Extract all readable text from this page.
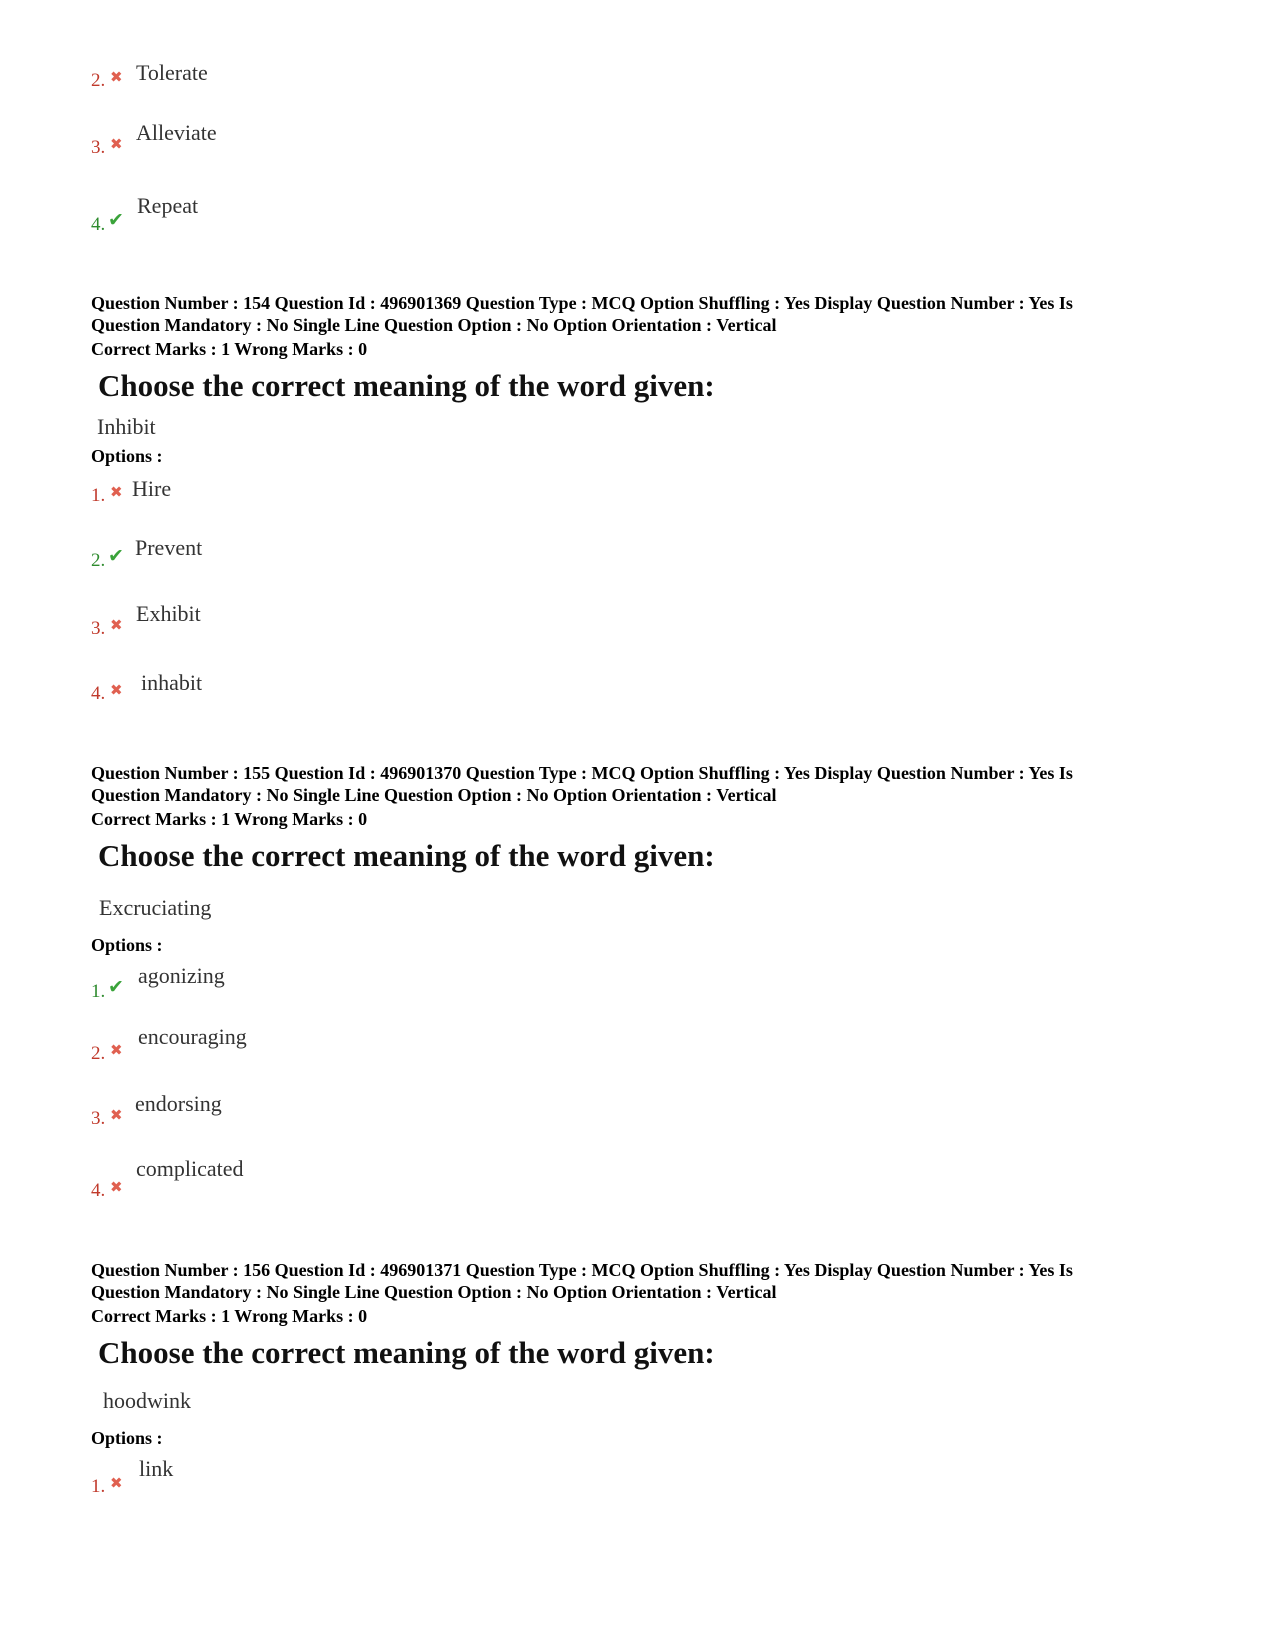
2. ✖ Tolerate
3. ✖ Alleviate
4. ✔
Repeat
Question Number : 154 Question Id : 496901369 Question Type : MCQ Option Shuffling : Yes Display Question Number : Yes Is
Question Mandatory : No Single Line Question Option : No Option Orientation : Vertical
Correct Marks : 1 Wrong Marks : 0
Choose the correct meaning of the word given:
Inhibit
Options :
1. ✖ Hire
2. ✔ Prevent
3. ✖ Exhibit
4. ✖ inhabit
Question Number : 155 Question Id : 496901370 Question Type : MCQ Option Shuffling : Yes Display Question Number : Yes Is
Question Mandatory : No Single Line Question Option : No Option Orientation : Vertical
Correct Marks : 1 Wrong Marks : 0
Choose the correct meaning of the word given:
Excruciating
Options :
1. ✔ agonizing
2. ✖
encouraging
3. ✖ endorsing
4. ✖
complicated
Question Number : 156 Question Id : 496901371 Question Type : MCQ Option Shuffling : Yes Display Question Number : Yes Is
Question Mandatory : No Single Line Question Option : No Option Orientation : Vertical
Correct Marks : 1 Wrong Marks : 0
Choose the correct meaning of the word given:
hoodwink
Options :
1. ✖
link
